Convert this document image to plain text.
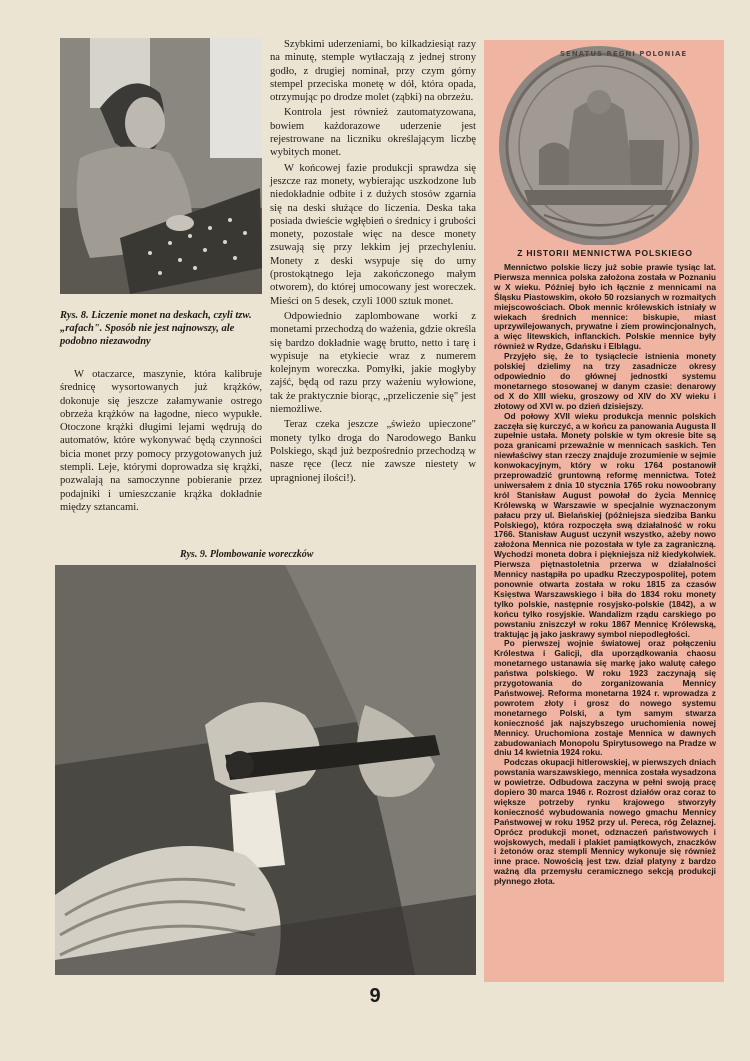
Rys. 8. Liczenie monet na deskach, czyli tzw. „rafach". Sposób nie jest najnowszy, ale podobno niezawodny

W otaczarce, maszynie, która kalibruje średnicę wysortowanych już krążków, dokonuje się jeszcze załamywanie ostrego obrzeża krążków na łagodne, nieco wypukłe. Otoczone krążki długimi lejami wędrują do automatów, które wykonywać będą czynności bicia monet przy pomocy przygotowanych już stempli. Leje, którymi doprowadza się krążki, pozwalają na samoczynne pobieranie przez podajniki i umieszczanie krążka dokładnie między sztancami.

Szybkimi uderzeniami, bo kilkadziesiąt razy na minutę, stemple wytłaczają z jednej strony godło, z drugiej nominał, przy czym górny stempel przeciska monetę w dół, która opada, otrzymując po drodze molet (ząbki) na obrzeżu.

Kontrola jest również zautomatyzowana, bowiem każdorazowe uderzenie jest rejestrowane na liczniku określającym liczbę wybitych monet.

W końcowej fazie produkcji sprawdza się jeszcze raz monety, wybierając uszkodzone lub niedokładnie odbite i z dużych stosów zgarnia się na deski służące do liczenia. Deska taka posiada dwieście wgłębień o średnicy i grubości monety, pozostałe więc na desce monety zsuwają się przy lekkim jej przechyleniu. Monety z deski wsypuje się do urny (prostokątnego leja zakończonego małym otworem), do której umocowany jest woreczek. Mieści on 5 desek, czyli 1000 sztuk monet.

Odpowiednio zaplombowane worki z monetami przechodzą do ważenia, gdzie określa się bardzo dokładnie wagę brutto, netto i tarę i wypisuje na etykiecie wraz z numerem kolejnym woreczka. Pomyłki, jakie mogłyby zajść, będą od razu przy ważeniu wyłowione, tak że praktycznie biorąc, „przeliczenie się" jest niemożliwe.

Teraz czeka jeszcze „świeżo upieczone" monety tylko droga do Narodowego Banku Polskiego, skąd już bezpośrednio przechodzą w nasze ręce (lecz nie zawsze niestety w upragnionej ilości!).

Rys. 9. Plombowanie woreczków
SENATUS REGNI POLONIAE
Z HISTORII MENNICTWA POLSKIEGO

Mennictwo polskie liczy już sobie prawie tysiąc lat. Pierwsza mennica polska założona została w Poznaniu w X wieku. Później było ich łącznie z mennicami na Śląsku Piastowskim, około 50 rozsianych w rozmaitych miejscowościach. Obok mennic królewskich istniały w wiekach średnich mennice: biskupie, miast uprzywilejowanych, prywatne i ziem prowincjonalnych, a więc litewskich, inflanckich. Polskie mennice były również w Rydze, Gdańsku i Elblągu.

Przyjęło się, że to tysiąclecie istnienia monety polskiej dzielimy na trzy zasadnicze okresy odpowiednio do głównej jednostki systemu monetarnego stosowanej w danym czasie: denarowy od X do XIII wieku, groszowy od XIV do XV wieku i złotowy od XVI w. po dzień dzisiejszy.

Od połowy XVII wieku produkcja mennic polskich zaczęła się kurczyć, a w końcu za panowania Augusta II zupełnie ustała. Monety polskie w tym okresie bite są poza granicami przeważnie w mennicach saskich. Ten niewłaściwy stan rzeczy znajduje zrozumienie w sejmie konwokacyjnym, który w roku 1764 postanowił przeprowadzić gruntowną reformę mennictwa. Toteż uniwersałem z dnia 10 stycznia 1765 roku nowoobrany król Stanisław August powołał do życia Mennicę Królewską w Warszawie w specjalnie wyznaczonym pałacu przy ul. Bielańskiej (późniejsza siedziba Banku Polskiego), która rozpoczęła swą działalność w roku 1766. Stanisław August uczynił wszystko, ażeby nowo założona Mennica nie pozostała w tyle za zagraniczną. Wychodzi moneta dobra i piękniejsza niż kiedykolwiek. Pierwsza piętnastoletnia przerwa w działalności Mennicy nastąpiła po upadku Rzeczypospolitej, potem ponownie otwarta została w roku 1815 za czasów Księstwa Warszawskiego i biła do 1834 roku monety tylko polskie, następnie rosyjsko-polskie (1842), a w końcu tylko rosyjskie. Wandalizm rządu carskiego po powstaniu zniszczył w roku 1867 Mennicę Królewską, traktując ją jako jaskrawy symbol niepodległości.

Po pierwszej wojnie światowej oraz połączeniu Królestwa i Galicji, dla uporządkowania chaosu monetarnego ustanawia się markę jako walutę całego państwa polskiego. W roku 1923 zaczynają się przygotowania do zorganizowania Mennicy Państwowej. Reforma monetarna 1924 r. wprowadza z powrotem złoty i grosz do nowego systemu monetarnego Polski, a tym samym stwarza konieczność jak najszybszego uruchomienia nowej Mennicy. Uruchomiona zostaje Mennica w dawnych zabudowaniach Monopolu Spirytusowego na Pradze w dniu 14 kwietnia 1924 roku.

Podczas okupacji hitlerowskiej, w pierwszych dniach powstania warszawskiego, mennica została wysadzona w powietrze. Odbudowa zaczyna w pełni swoją pracę dopiero 30 marca 1946 r. Rozrost działów oraz coraz to większe potrzeby rynku krajowego stworzyły konieczność wybudowania nowego gmachu Mennicy Państwowej w roku 1952 przy ul. Pereca, róg Żelaznej. Oprócz produkcji monet, odznaczeń państwowych i wojskowych, medali i plakiet pamiątkowych, znaczków i żetonów oraz stempli Mennicy wykonuje się również inne prace. Nowością jest tzw. dział platyny z bardzo ważną dla przemysłu ceramicznego sekcją produkcji płynnego złota.

9
